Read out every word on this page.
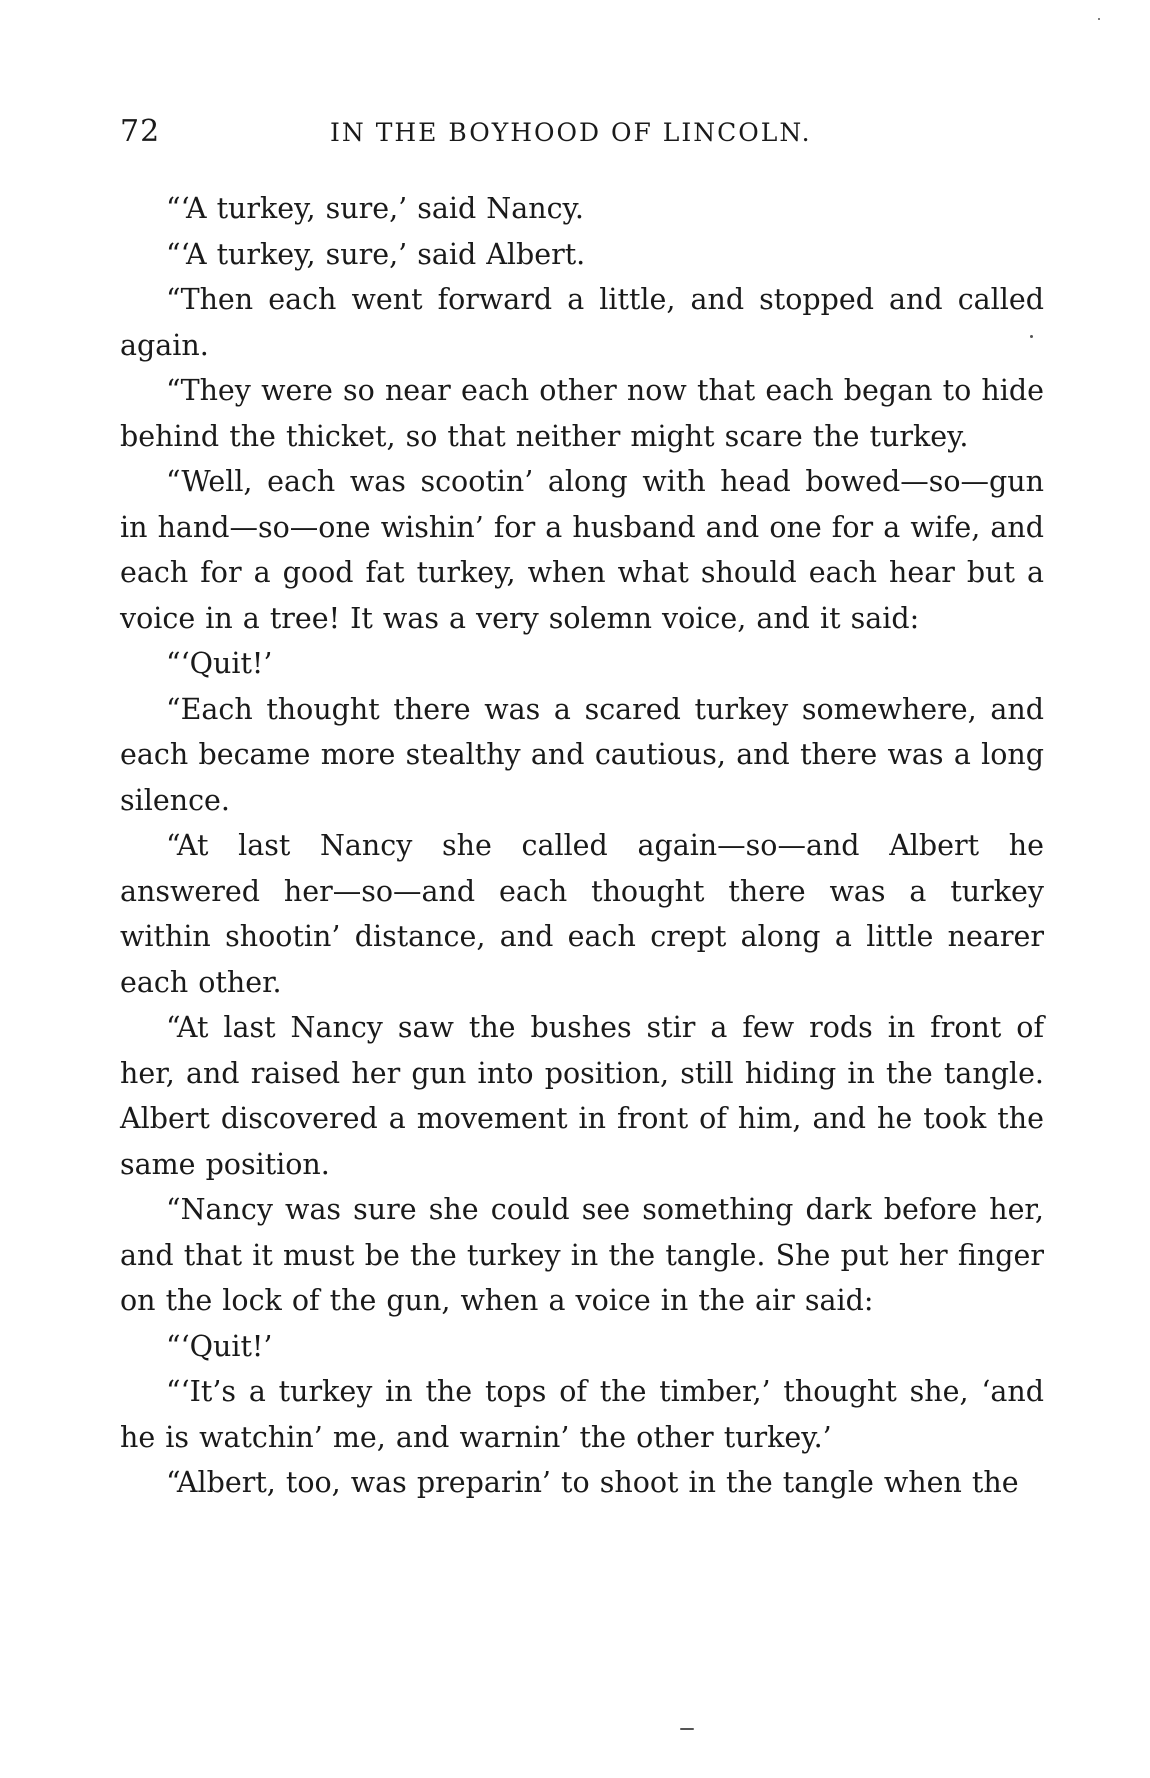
72	IN THE BOYHOOD OF LINCOLN.

“‘A turkey, sure,’ said Nancy.

“‘A turkey, sure,’ said Albert.

“Then each went forward a little, and stopped and called again.

“They were so near each other now that each began to hide behind the thicket, so that neither might scare the turkey.

“Well, each was scootin’ along with head bowed—so—gun in hand—so—one wishin’ for a husband and one for a wife, and each for a good fat turkey, when what should each hear but a voice in a tree! It was a very solemn voice, and it said:

“‘Quit!’

“Each thought there was a scared turkey somewhere, and each became more stealthy and cautious, and there was a long silence.

“At last Nancy she called again—so—and Albert he answered her—so—and each thought there was a turkey within shootin’ distance, and each crept along a little nearer each other.

“At last Nancy saw the bushes stir a few rods in front of her, and raised her gun into position, still hiding in the tangle. Albert discovered a movement in front of him, and he took the same position.

“Nancy was sure she could see something dark before her, and that it must be the turkey in the tangle. She put her finger on the lock of the gun, when a voice in the air said:

“‘Quit!’

“‘It’s a turkey in the tops of the timber,’ thought she, ‘and he is watchin’ me, and warnin’ the other turkey.’

“Albert, too, was preparin’ to shoot in the tangle when the
